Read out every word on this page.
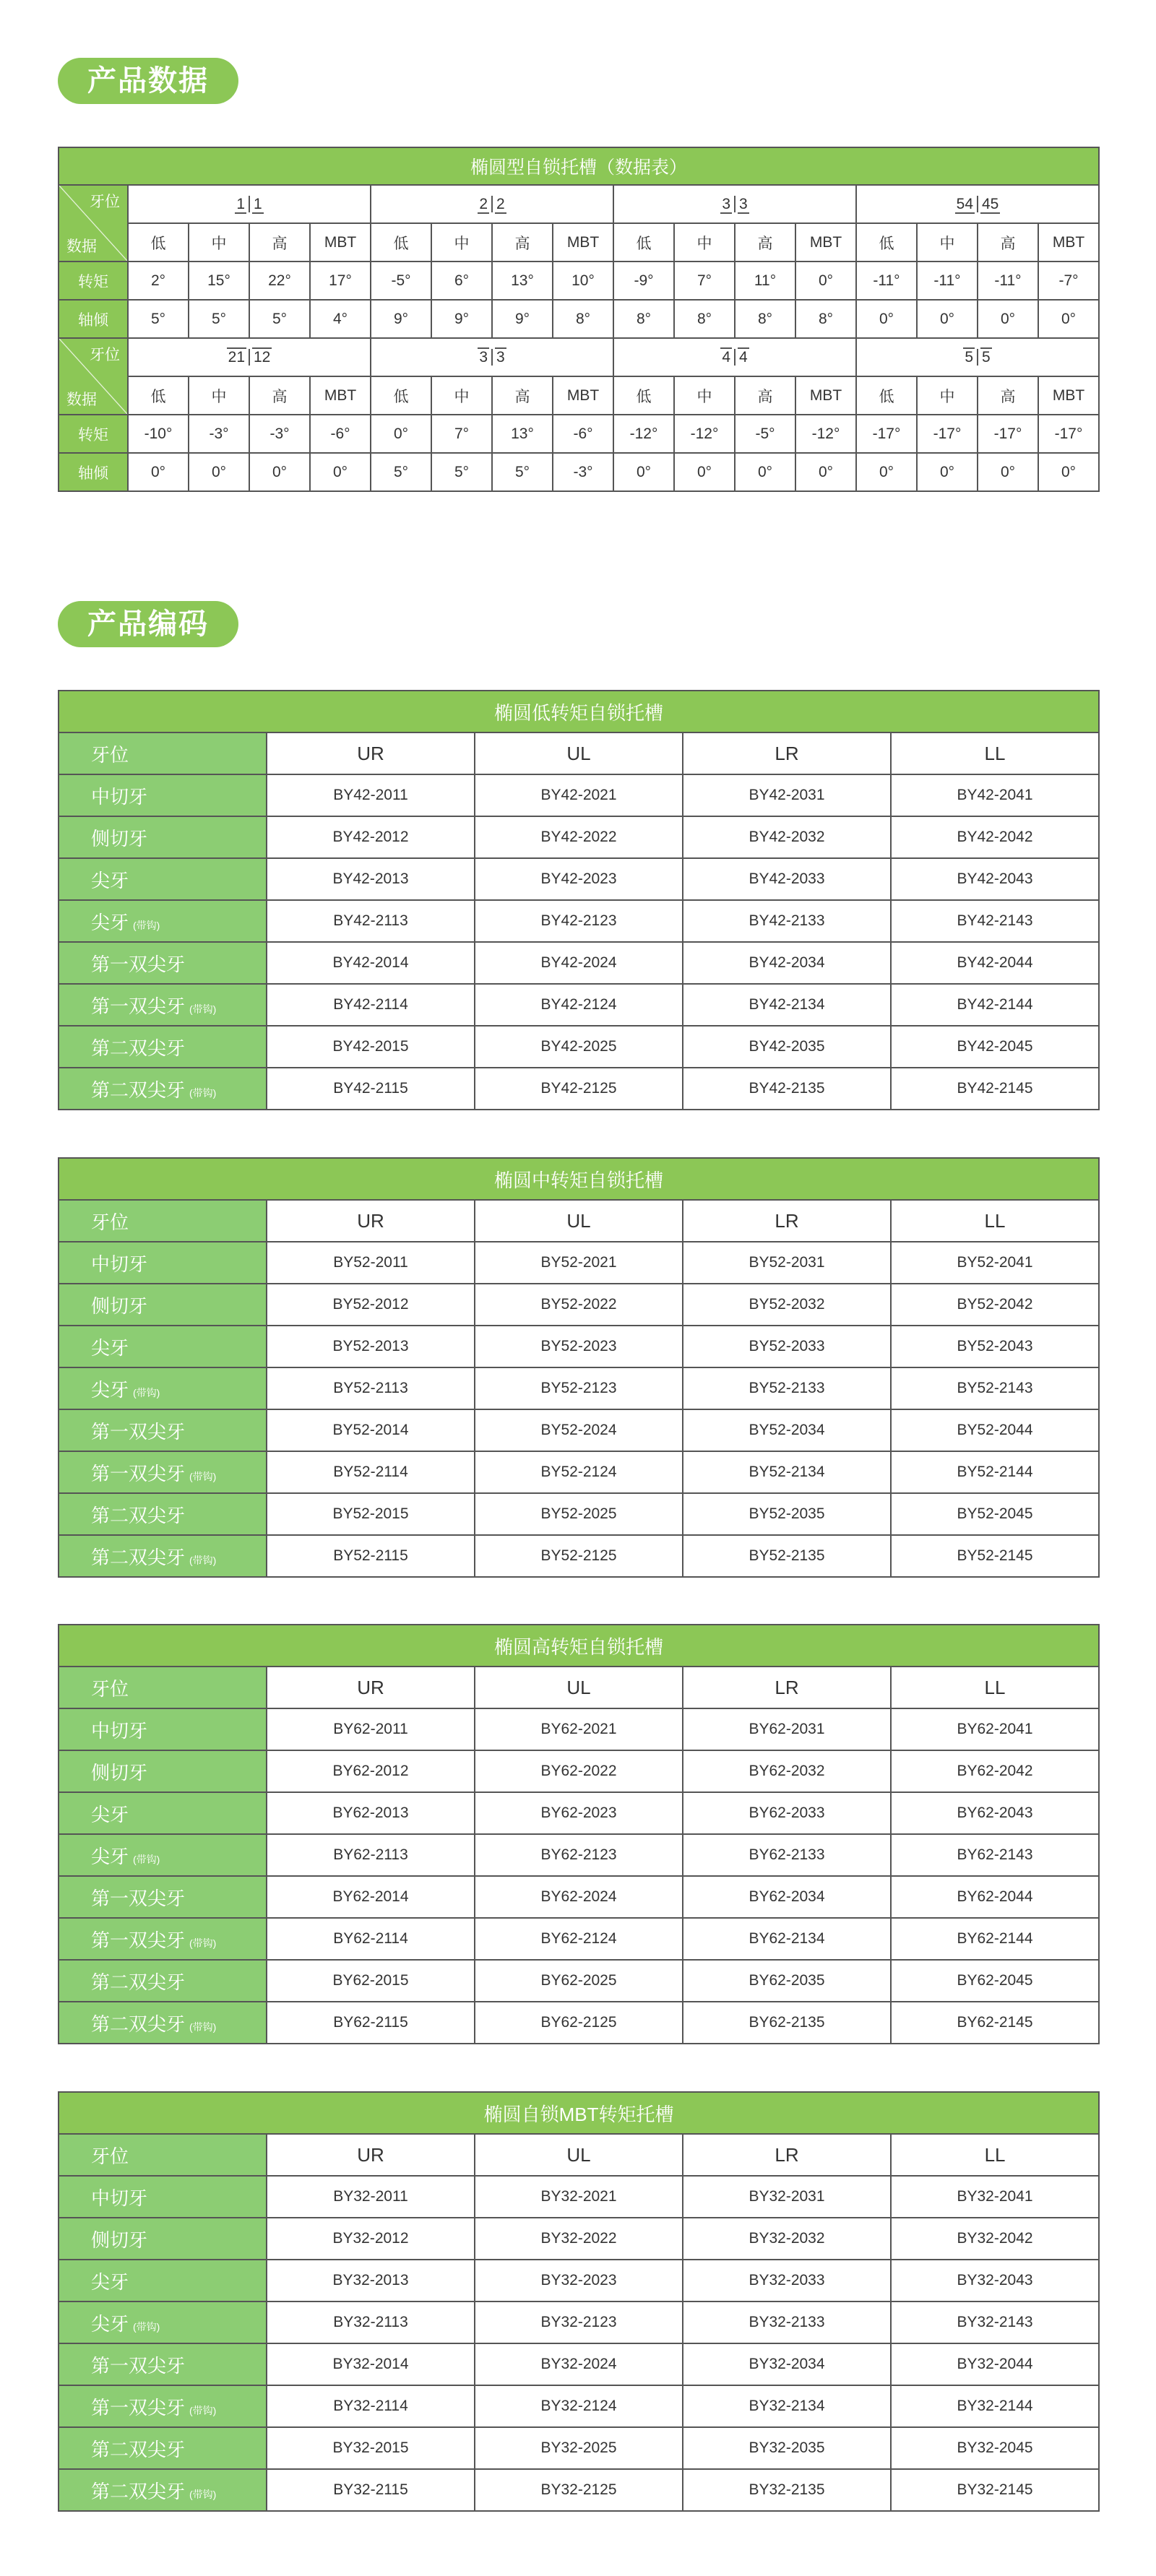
产品数据
椭圆型自锁托槽（数据表）																

牙位
数据	1 1				2 2				3 3				54 45			
	低	中	高	MBT	低	中	高	MBT	低	中	高	MBT	低	中	高	MBT
转矩	2°	15°	22°	17°	-5°	6°	13°	10°	-9°	7°	11°	0°	-11°	-11°	-11°	-7°
轴倾	5°	5°	5°	4°	9°	9°	9°	8°	8°	8°	8°	8°	0°	0°	0°	0°

牙位
数据	21 12				3 3				4 4				5 5			
	低	中	高	MBT	低	中	高	MBT	低	中	高	MBT	低	中	高	MBT
转矩	-10°	-3°	-3°	-6°	0°	7°	13°	-6°	-12°	-12°	-5°	-12°	-17°	-17°	-17°	-17°
轴倾	0°	0°	0°	0°	5°	5°	5°	-3°	0°	0°	0°	0°	0°	0°	0°	0°
产品编码
椭圆低转矩自锁托槽				
牙位	UR	UL	LR	LL
中切牙	BY42-2011	BY42-2021	BY42-2031	BY42-2041
侧切牙	BY42-2012	BY42-2022	BY42-2032	BY42-2042
尖牙	BY42-2013	BY42-2023	BY42-2033	BY42-2043
尖牙 (带钩)	BY42-2113	BY42-2123	BY42-2133	BY42-2143
第一双尖牙	BY42-2014	BY42-2024	BY42-2034	BY42-2044
第一双尖牙 (带钩)	BY42-2114	BY42-2124	BY42-2134	BY42-2144
第二双尖牙	BY42-2015	BY42-2025	BY42-2035	BY42-2045
第二双尖牙 (带钩)	BY42-2115	BY42-2125	BY42-2135	BY42-2145
椭圆中转矩自锁托槽				
牙位	UR	UL	LR	LL
中切牙	BY52-2011	BY52-2021	BY52-2031	BY52-2041
侧切牙	BY52-2012	BY52-2022	BY52-2032	BY52-2042
尖牙	BY52-2013	BY52-2023	BY52-2033	BY52-2043
尖牙 (带钩)	BY52-2113	BY52-2123	BY52-2133	BY52-2143
第一双尖牙	BY52-2014	BY52-2024	BY52-2034	BY52-2044
第一双尖牙 (带钩)	BY52-2114	BY52-2124	BY52-2134	BY52-2144
第二双尖牙	BY52-2015	BY52-2025	BY52-2035	BY52-2045
第二双尖牙 (带钩)	BY52-2115	BY52-2125	BY52-2135	BY52-2145
椭圆高转矩自锁托槽				
牙位	UR	UL	LR	LL
中切牙	BY62-2011	BY62-2021	BY62-2031	BY62-2041
侧切牙	BY62-2012	BY62-2022	BY62-2032	BY62-2042
尖牙	BY62-2013	BY62-2023	BY62-2033	BY62-2043
尖牙 (带钩)	BY62-2113	BY62-2123	BY62-2133	BY62-2143
第一双尖牙	BY62-2014	BY62-2024	BY62-2034	BY62-2044
第一双尖牙 (带钩)	BY62-2114	BY62-2124	BY62-2134	BY62-2144
第二双尖牙	BY62-2015	BY62-2025	BY62-2035	BY62-2045
第二双尖牙 (带钩)	BY62-2115	BY62-2125	BY62-2135	BY62-2145
椭圆自锁MBT转矩托槽				
牙位	UR	UL	LR	LL
中切牙	BY32-2011	BY32-2021	BY32-2031	BY32-2041
侧切牙	BY32-2012	BY32-2022	BY32-2032	BY32-2042
尖牙	BY32-2013	BY32-2023	BY32-2033	BY32-2043
尖牙 (带钩)	BY32-2113	BY32-2123	BY32-2133	BY32-2143
第一双尖牙	BY32-2014	BY32-2024	BY32-2034	BY32-2044
第一双尖牙 (带钩)	BY32-2114	BY32-2124	BY32-2134	BY32-2144
第二双尖牙	BY32-2015	BY32-2025	BY32-2035	BY32-2045
第二双尖牙 (带钩)	BY32-2115	BY32-2125	BY32-2135	BY32-2145
